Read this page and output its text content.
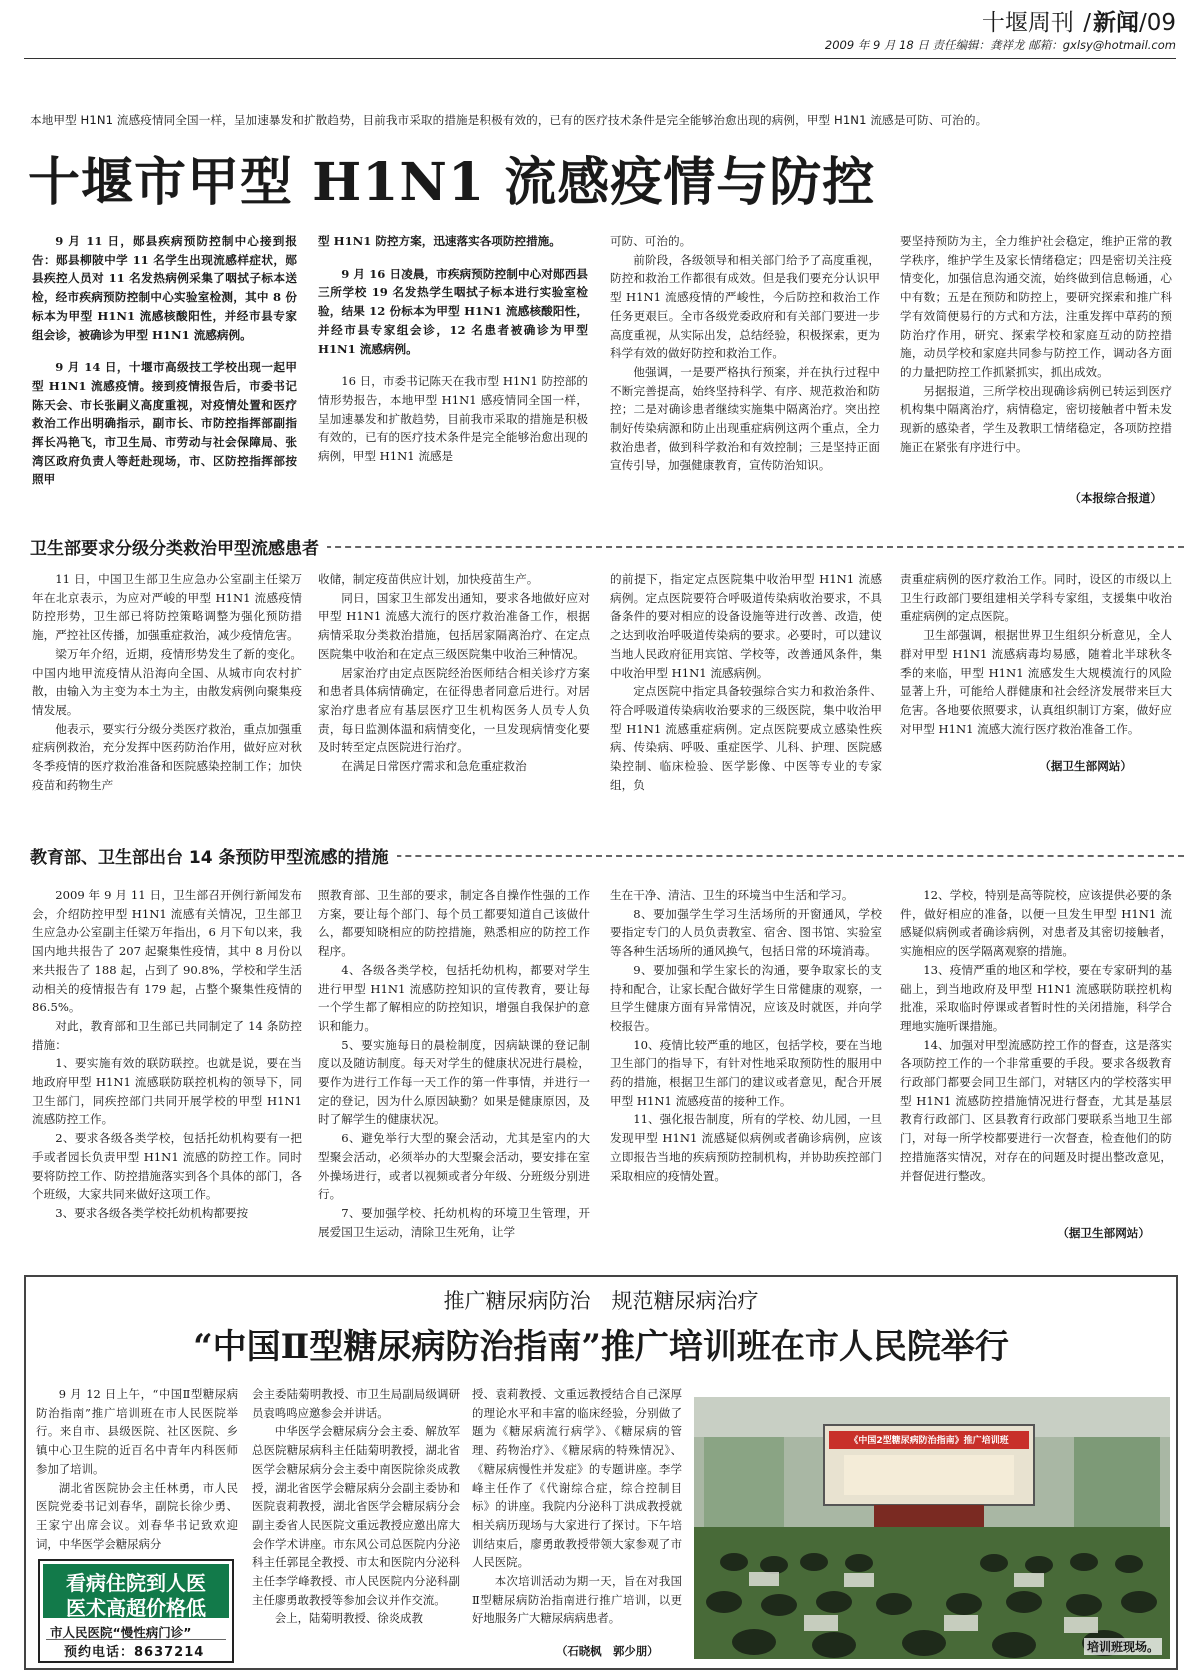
十堰周刊 /新闻/09
2009 年 9 月 18 日 责任编辑：龚祥龙 邮箱：gxlsy@hotmail.com
本地甲型 H1N1 流感疫情同全国一样，呈加速暴发和扩散趋势，目前我市采取的措施是积极有效的，已有的医疗技术条件是完全能够治愈出现的病例，甲型 H1N1 流感是可防、可治的。
十堰市甲型 H1N1 流感疫情与防控

9 月 11 日，郧县疾病预防控制中心接到报告：郧县柳陂中学 11 名学生出现流感样症状，郧县疾控人员对 11 名发热病例采集了咽拭子标本送检，经市疾病预防控制中心实验室检测，其中 8 份标本为甲型 H1N1 流感核酸阳性，并经市县专家组会诊，被确诊为甲型 H1N1 流感病例。

9 月 14 日，十堰市高级技工学校出现一起甲型 H1N1 流感疫情。接到疫情报告后，市委书记陈天会、市长张嗣义高度重视，对疫情处置和医疗救治工作出明确指示，副市长、市防控指挥部副指挥长冯艳飞，市卫生局、市劳动与社会保障局、张湾区政府负责人等赶赴现场，市、区防控指挥部按照甲

型 H1N1 防控方案，迅速落实各项防控措施。

9 月 16 日凌晨，市疾病预防控制中心对郧西县三所学校 19 名发热学生咽拭子标本进行实验室检验，结果 12 份标本为甲型 H1N1 流感核酸阳性，并经市县专家组会诊，12 名患者被确诊为甲型 H1N1 流感病例。

16 日，市委书记陈天在我市型 H1N1 防控部的情形势报告，本地甲型 H1N1 感疫情同全国一样，呈加速暴发和扩散趋势，目前我市采取的措施是积极有效的，已有的医疗技术条件是完全能够治愈出现的病例，甲型 H1N1 流感是

可防、可治的。

前阶段，各级领导和相关部门给予了高度重视，防控和救治工作都很有成效。但是我们要充分认识甲型 H1N1 流感疫情的严峻性，今后防控和救治工作任务更艰巨。全市各级党委政府和有关部门要进一步高度重视，从实际出发，总结经验，积极探索，更为科学有效的做好防控和救治工作。

他强调，一是要严格执行预案，并在执行过程中不断完善提高，始终坚持科学、有序、规范救治和防控；二是对确诊患者继续实施集中隔离治疗。突出控制好传染病源和防止出现重症病例这两个重点，全力救治患者，做到科学救治和有效控制；三是坚持正面宣传引导，加强健康教育，宣传防治知识。

要坚持预防为主，全力维护社会稳定，维护正常的教学秩序，维护学生及家长情绪稳定；四是密切关注疫情变化，加强信息沟通交流，始终做到信息畅通，心中有数；五是在预防和防控上，要研究探索和推广科学有效简便易行的方式和方法，注重发挥中草药的预防治疗作用，研究、探索学校和家庭互动的防控措施，动员学校和家庭共同参与防控工作，调动各方面的力量把防控工作抓紧抓实，抓出成效。

另据报道，三所学校出现确诊病例已转运到医疗机构集中隔离治疗，病情稳定，密切接触者中暂未发现新的感染者，学生及教职工情绪稳定，各项防控措施正在紧张有序进行中。

（本报综合报道）
卫生部要求分级分类救治甲型流感患者

11 日，中国卫生部卫生应急办公室副主任梁万年在北京表示，为应对严峻的甲型 H1N1 流感疫情防控形势，卫生部已将防控策略调整为强化预防措施，严控社区传播，加强重症救治，减少疫情危害。

梁万年介绍，近期，疫情形势发生了新的变化。中国内地甲流疫情从沿海向全国、从城市向农村扩散，由输入为主变为本土为主，由散发病例向聚集疫情发展。

他表示，要实行分级分类医疗救治，重点加强重症病例救治，充分发挥中医药防治作用，做好应对秋冬季疫情的医疗救治准备和医院感染控制工作；加快疫苗和药物生产

收储，制定疫苗供应计划，加快疫苗生产。

同日，国家卫生部发出通知，要求各地做好应对甲型 H1N1 流感大流行的医疗救治准备工作，根据病情采取分类救治措施，包括居家隔离治疗、在定点医院集中收治和在定点三级医院集中收治三种情况。

居家治疗由定点医院经治医师结合相关诊疗方案和患者具体病情确定，在征得患者同意后进行。对居家治疗患者应有基层医疗卫生机构医务人员专人负责，每日监测体温和病情变化，一旦发现病情变化要及时转至定点医院进行治疗。

在满足日常医疗需求和急危重症救治

的前提下，指定定点医院集中收治甲型 H1N1 流感病例。定点医院要符合呼吸道传染病收治要求，不具备条件的要对相应的设备设施等进行改善、改造，使之达到收治呼吸道传染病的要求。必要时，可以建议当地人民政府征用宾馆、学校等，改善通风条件，集中收治甲型 H1N1 流感病例。

定点医院中指定具备较强综合实力和救治条件、符合呼吸道传染病收治要求的三级医院，集中收治甲型 H1N1 流感重症病例。定点医院要成立感染性疾病、传染病、呼吸、重症医学、儿科、护理、医院感染控制、临床检验、医学影像、中医等专业的专家组，负

责重症病例的医疗救治工作。同时，设区的市级以上卫生行政部门要组建相关学科专家组，支援集中收治重症病例的定点医院。

卫生部强调，根据世界卫生组织分析意见，全人群对甲型 H1N1 流感病毒均易感，随着北半球秋冬季的来临，甲型 H1N1 流感发生大规模流行的风险显著上升，可能给人群健康和社会经济发展带来巨大危害。各地要依照要求，认真组织制订方案，做好应对甲型 H1N1 流感大流行医疗救治准备工作。

（据卫生部网站）
教育部、卫生部出台 14 条预防甲型流感的措施

2009 年 9 月 11 日，卫生部召开例行新闻发布会，介绍防控甲型 H1N1 流感有关情况，卫生部卫生应急办公室副主任梁万年指出，6 月下旬以来，我国内地共报告了 207 起聚集性疫情，其中 8 月份以来共报告了 188 起，占到了 90.8%，学校和学生活动相关的疫情报告有 179 起，占整个聚集性疫情的 86.5%。

对此，教育部和卫生部已共同制定了 14 条防控措施：

1、要实施有效的联防联控。也就是说，要在当地政府甲型 H1N1 流感联防联控机构的领导下，同卫生部门，同疾控部门共同开展学校的甲型 H1N1 流感防控工作。

2、要求各级各类学校，包括托幼机构要有一把手或者园长负责甲型 H1N1 流感的防控工作。同时要将防控工作、防控措施落实到各个具体的部门，各个班级，大家共同来做好这项工作。

3、要求各级各类学校托幼机构都要按

照教育部、卫生部的要求，制定各自操作性强的工作方案，要让每个部门、每个员工都要知道自己该做什么，都要知晓相应的防控措施，熟悉相应的防控工作程序。

4、各级各类学校，包括托幼机构，都要对学生进行甲型 H1N1 流感防控知识的宣传教育，要让每一个学生都了解相应的防控知识，增强自我保护的意识和能力。

5、要实施每日的晨检制度，因病缺课的登记制度以及随访制度。每天对学生的健康状况进行晨检，要作为进行工作每一天工作的第一件事情，并进行一定的登记，因为什么原因缺勤？如果是健康原因，及时了解学生的健康状况。

6、避免举行大型的聚会活动，尤其是室内的大型聚会活动，必须举办的大型聚会活动，要安排在室外操场进行，或者以视频或者分年级、分班级分别进行。

7、要加强学校、托幼机构的环境卫生管理，开展爱国卫生运动，清除卫生死角，让学

生在干净、清洁、卫生的环境当中生活和学习。

8、要加强学生学习生活场所的开窗通风，学校要指定专门的人员负责教室、宿舍、图书馆、实验室等各种生活场所的通风换气，包括日常的环境消毒。

9、要加强和学生家长的沟通，要争取家长的支持和配合，让家长配合做好学生日常健康的观察，一旦学生健康方面有异常情况，应该及时就医，并向学校报告。

10、疫情比较严重的地区，包括学校，要在当地卫生部门的指导下，有针对性地采取预防性的服用中药的措施，根据卫生部门的建议或者意见，配合开展甲型 H1N1 流感疫苗的接种工作。

11、强化报告制度，所有的学校、幼儿园，一旦发现甲型 H1N1 流感疑似病例或者确诊病例，应该立即报告当地的疾病预防控制机构，并协助疾控部门采取相应的疫情处置。

12、学校，特别是高等院校，应该提供必要的条件，做好相应的准备，以便一旦发生甲型 H1N1 流感疑似病例或者确诊病例，对患者及其密切接触者，实施相应的医学隔离观察的措施。

13、疫情严重的地区和学校，要在专家研判的基础上，到当地政府及甲型 H1N1 流感联防联控机构批准，采取临时停课或者暂时性的关闭措施，科学合理地实施听课措施。

14、加强对甲型流感防控工作的督查，这是落实各项防控工作的一个非常重要的手段。要求各级教育行政部门都要会同卫生部门，对辖区内的学校落实甲型 H1N1 流感防控措施情况进行督查，尤其是基层教育行政部门、区县教育行政部门要联系当地卫生部门，对每一所学校都要进行一次督查，检查他们的防控措施落实情况，对存在的问题及时提出整改意见，并督促进行整改。

（据卫生部网站）
推广糖尿病防治　规范糖尿病治疗
“中国Ⅱ型糖尿病防治指南”推广培训班在市人民院举行

9 月 12 日上午，“中国Ⅱ型糖尿病防治指南”推广培训班在市人民医院举行。来自市、县级医院、社区医院、乡镇中心卫生院的近百名中青年内科医师参加了培训。

湖北省医院协会主任林勇，市人民医院党委书记刘春华，副院长徐少勇、王家宁出席会议。刘春华书记致欢迎词，中华医学会糖尿病分

看病住院到人医
医术高超价格低
市人民医院“慢性病门诊”
预约电话：8637214

会主委陆菊明教授、市卫生局副局级调研员袁鸣鸣应邀参会并讲话。

中华医学会糖尿病分会主委、解放军总医院糖尿病科主任陆菊明教授，湖北省医学会糖尿病分会主委中南医院徐炎成教授，湖北省医学会糖尿病分会副主委协和医院袁莉教授，湖北省医学会糖尿病分会副主委省人民医院文重远教授应邀出席大会作学术讲座。市东风公司总医院内分泌科主任郭昆全教授、市太和医院内分泌科主任李学峰教授、市人民医院内分泌科副主任廖勇敢教授等参加会议并作交流。

会上，陆菊明教授、徐炎成教

授、袁莉教授、文重远教授结合自己深厚的理论水平和丰富的临床经验，分别做了题为《糖尿病流行病学》、《糖尿病的管理、药物治疗》、《糖尿病的特殊情况》、《糖尿病慢性并发症》的专题讲座。李学峰主任作了《代谢综合症，综合控制目标》的讲座。我院内分泌科丁洪成教授就相关病历现场与大家进行了探讨。下午培训结束后，廖勇敢教授带领大家参观了市人民医院。

本次培训活动为期一天，旨在对我国Ⅱ型糖尿病防治指南进行推广培训，以更好地服务广大糖尿病病患者。

（石晓枫　郭少朋）
《中国2型糖尿病防治指南》推广培训班
培训班现场。
